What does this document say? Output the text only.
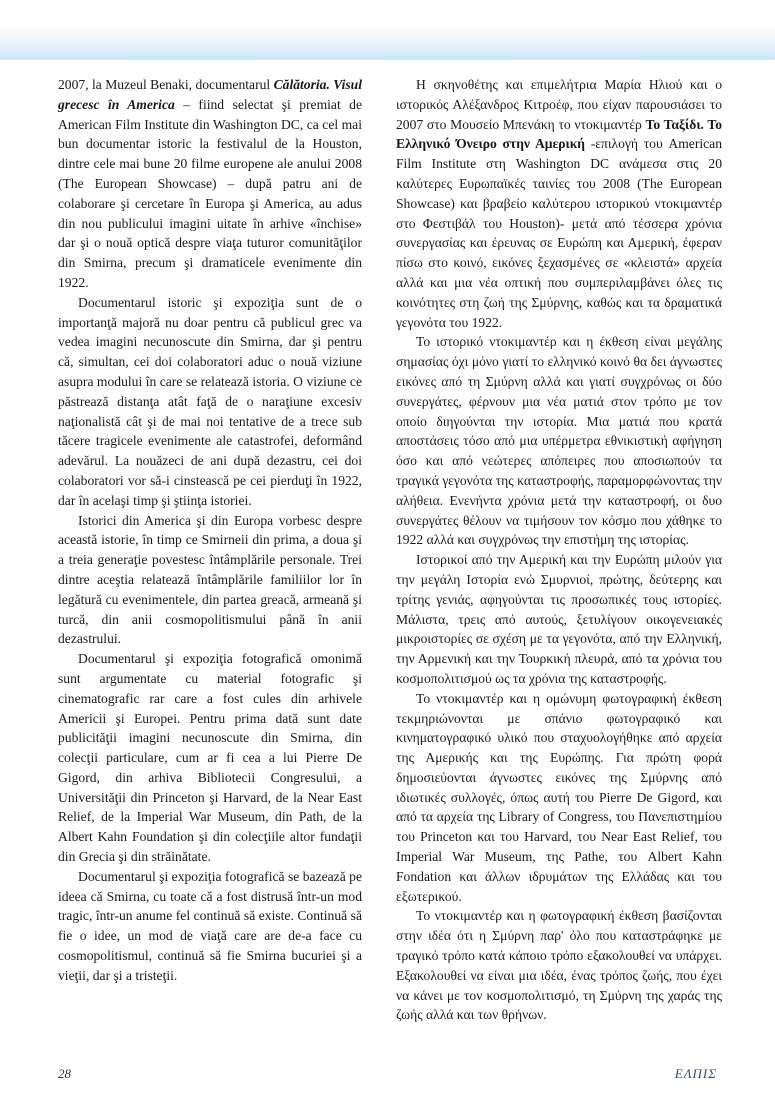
2007, la Muzeul Benaki, documentarul Călătoria. Visul grecesc în America – fiind selectat şi premiat de American Film Institute din Washington DC, ca cel mai bun documentar istoric la festivalul de la Houston, dintre cele mai bune 20 filme europene ale anului 2008 (The European Showcase) – după patru ani de colaborare şi cercetare în Europa şi America, au adus din nou publicului imagini uitate în arhive «închise» dar şi o nouă optică despre viaţa tuturor comunităţilor din Smirna, precum şi dramaticele evenimente din 1922.

Documentarul istoric şi expoziţia sunt de o importanţă majoră nu doar pentru că publicul grec va vedea imagini necunoscute din Smirna, dar şi pentru că, simultan, cei doi colaboratori aduc o nouă viziune asupra modului în care se relatează istoria. O viziune ce păstrează distanţa atât faţă de o naraţiune excesiv naţionalistă cât şi de mai noi tentative de a trece sub tăcere tragicele evenimente ale catastrofei, deformând adevărul. La nouăzeci de ani după dezastru, cei doi colaboratori vor să-i cinstească pe cei pierduţi în 1922, dar în acelaşi timp şi ştiinţa istoriei.

Istorici din America şi din Europa vorbesc despre această istorie, în timp ce Smirneii din prima, a doua şi a treia generaţie povestesc întâmplările personale. Trei dintre aceştia relatează întâmplările familiilor lor în legătură cu evenimentele, din partea greacă, armeană şi turcă, din anii cosmopolitismului până în anii dezastrului.

Documentarul şi expoziţia fotografică omonimă sunt argumentate cu material fotografic şi cinematografic rar care a fost cules din arhivele Americii şi Europei. Pentru prima dată sunt date publicităţii imagini necunoscute din Smirna, din colecţii particulare, cum ar fi cea a lui Pierre De Gigord, din arhiva Bibliotecii Congresului, a Universităţii din Princeton şi Harvard, de la Near East Relief, de la Imperial War Museum, din Path, de la Albert Kahn Foundation şi din colecţiile altor fundaţii din Grecia şi din străinătate.

Documentarul şi expoziţia fotografică se bazează pe ideea că Smirna, cu toate că a fost distrusă într-un mod tragic, într-un anume fel continuă să existe. Continuă să fie o idee, un mod de viaţă care are de-a face cu cosmopolitismul, continuă să fie Smirna bucuriei şi a vieţii, dar şi a tristeţii.

Η σκηνοθέτης και επιμελήτρια Μαρία Ηλιού και ο ιστορικός Αλέξανδρος Κιτροέφ, που είχαν παρουσιάσει το 2007 στο Μουσείο Μπενάκη το ντοκιμαντέρ Το Ταξίδι. Το Ελληνικό Όνειρο στην Αμερική -επιλογή του American Film Institute στη Washington DC ανάμεσα στις 20 καλύτερες Ευρωπαϊκές ταινίες του 2008 (The European Showcase) και βραβείο καλύτερου ιστορικού ντοκιμαντέρ στο Φεστιβάλ του Houston)- μετά από τέσσερα χρόνια συνεργασίας και έρευνας σε Ευρώπη και Αμερική, έφεραν πίσω στο κοινό, εικόνες ξεχασμένες σε «κλειστά» αρχεία αλλά και μια νέα οπτική που συμπεριλαμβάνει όλες τις κοινότητες στη ζωή της Σμύρνης, καθώς και τα δραματικά γεγονότα του 1922.

Το ιστορικό ντοκιμαντέρ και η έκθεση είναι μεγάλης σημασίας όχι μόνο γιατί το ελληνικό κοινό θα δει άγνωστες εικόνες από τη Σμύρνη αλλά και γιατί συγχρόνως οι δύο συνεργάτες, φέρνουν μια νέα ματιά στον τρόπο με τον οποίο διηγούνται την ιστορία. Μια ματιά που κρατά αποστάσεις τόσο από μια υπέρμετρα εθνικιστική αφήγηση όσο και από νεώτερες απόπειρες που αποσιωπούν τα τραγικά γεγονότα της καταστροφής, παραμορφώνοντας την αλήθεια. Ενενήντα χρόνια μετά την καταστροφή, οι δυο συνεργάτες θέλουν να τιμήσουν τον κόσμο που χάθηκε το 1922 αλλά και συγχρόνως την επιστήμη της ιστορίας.

Ιστορικοί από την Αμερική και την Ευρώπη μιλούν για την μεγάλη Ιστορία ενώ Σμυρνιοί, πρώτης, δεύτερης και τρίτης γενιάς, αφηγούνται τις προσωπικές τους ιστορίες. Μάλιστα, τρεις από αυτούς, ξετυλίγουν οικογενειακές μικροιστορίες σε σχέση με τα γεγονότα, από την Ελληνική, την Αρμενική και την Τουρκική πλευρά, από τα χρόνια του κοσμοπολιτισμού ως τα χρόνια της καταστροφής.

Το ντοκιμαντέρ και η ομώνυμη φωτογραφική έκθεση τεκμηριώνονται με σπάνιο φωτογραφικό και κινηματογραφικό υλικό που σταχυολογήθηκε από αρχεία της Αμερικής και της Ευρώπης. Για πρώτη φορά δημοσιεύονται άγνωστες εικόνες της Σμύρνης από ιδιωτικές συλλογές, όπως αυτή του Pierre De Gigord, και από τα αρχεία της Library of Congress, του Πανεπιστημίου του Princeton και του Harvard, του Near East Relief, του Imperial War Museum, της Pathe, του Albert Kahn Fondation και άλλων ιδρυμάτων της Ελλάδας και του εξωτερικού.

Το ντοκιμαντέρ και η φωτογραφική έκθεση βασίζονται στην ιδέα ότι η Σμύρνη παρ' όλο που καταστράφηκε με τραγικό τρόπο κατά κάποιο τρόπο εξακολουθεί να υπάρχει. Εξακολουθεί να είναι μια ιδέα, ένας τρόπος ζωής, που έχει να κάνει με τον κοσμοπολιτισμό, τη Σμύρνη της χαράς της ζωής αλλά και των θρήνων.

28	ΕΛΠΙΣ
